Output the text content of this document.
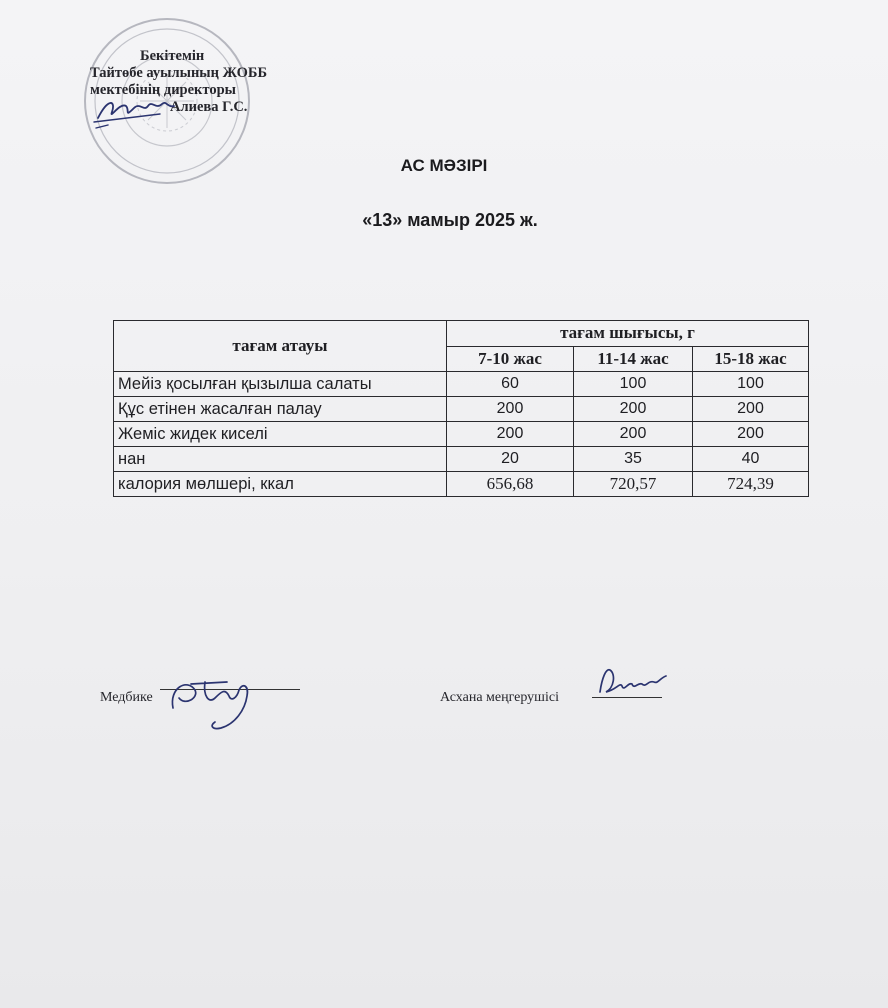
Бекітемін
Тайтөбе ауылының ЖОББ
мектебінің директоры
Алиева Г.С.
АС МӘЗІРІ
«13» мамыр 2025 ж.
тағам атауы	тағам шығысы, г		
	7-10 жас	11-14 жас	15-18 жас
Мейіз қосылған қызылша салаты	60	100	100
Құс етінен жасалған палау	200	200	200
Жеміс жидек киселі	200	200	200
нан	20	35	40
калория мөлшері, ккал	656,68	720,57	724,39
Медбике	Асхана меңгерушісі
